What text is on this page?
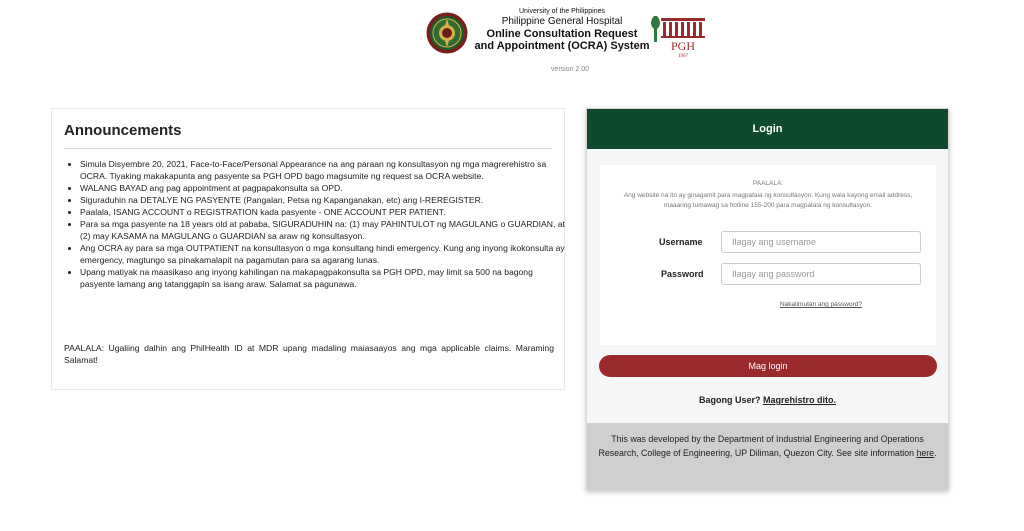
University of the Philippines
Philippine General Hospital
Online Consultation Request
and Appointment (OCRA) System PGH
1907
version 2.00
Announcements
• Simula Disyembre 20, 2021, Face-to-Face/Personal Appearance na ang paraan ng konsultasyon ng mga magrerehistro sa OCRA. Tiyaking makakapunta ang pasyente sa PGH OPD bago magsumite ng request sa OCRA website.
• WALANG BAYAD ang pag appointment at pagpapakonsulta sa OPD.
• Siguraduhin na DETALYE NG PASYENTE (Pangalan, Petsa ng Kapanganakan, etc) ang I-REREGISTER.
• Paalala, ISANG ACCOUNT o REGISTRATION kada pasyente - ONE ACCOUNT PER PATIENT.
• Para sa mga pasyente na 18 years old at pababa, SIGURADUHIN na: (1) may PAHINTULOT ng MAGULANG o GUARDIAN, at (2) may KASAMA na MAGULANG o GUARDIAN sa araw ng konsultasyon.
• Ang OCRA ay para sa mga OUTPATIENT na konsultasyon o mga konsultang hindi emergency. Kung ang inyong ikokonsulta ay emergency, magtungo sa pinakamalapit na pagamutan para sa agarang lunas.
• Upang matiyak na maasikaso ang inyong kahilingan na makapagpakonsulta sa PGH OPD, may limit sa 500 na bagong pasyente lamang ang tatanggapin sa isang araw. Salamat sa pagunawa.
PAALALA: Ugaliing dalhin ang PhilHealth ID at MDR upang madaling maiasaayos ang mga applicable claims. Maraming Salamat!
Login
PAALALA:
Ang website na ito ay ginagamit para magpatala ng konsultasyon. Kung wala kayong email address, maaaring tumawag sa hotline 155-200 para magpatala ng konsultasyon.
Username
Ilagay ang username
Password
Nakalimutan ang password?
Mag login
Bagong User? Magrehistro dito.
This was developed by the Department of Industrial Engineering and Operations Research, College of Engineering, UP Diliman, Quezon City. See site information here.
